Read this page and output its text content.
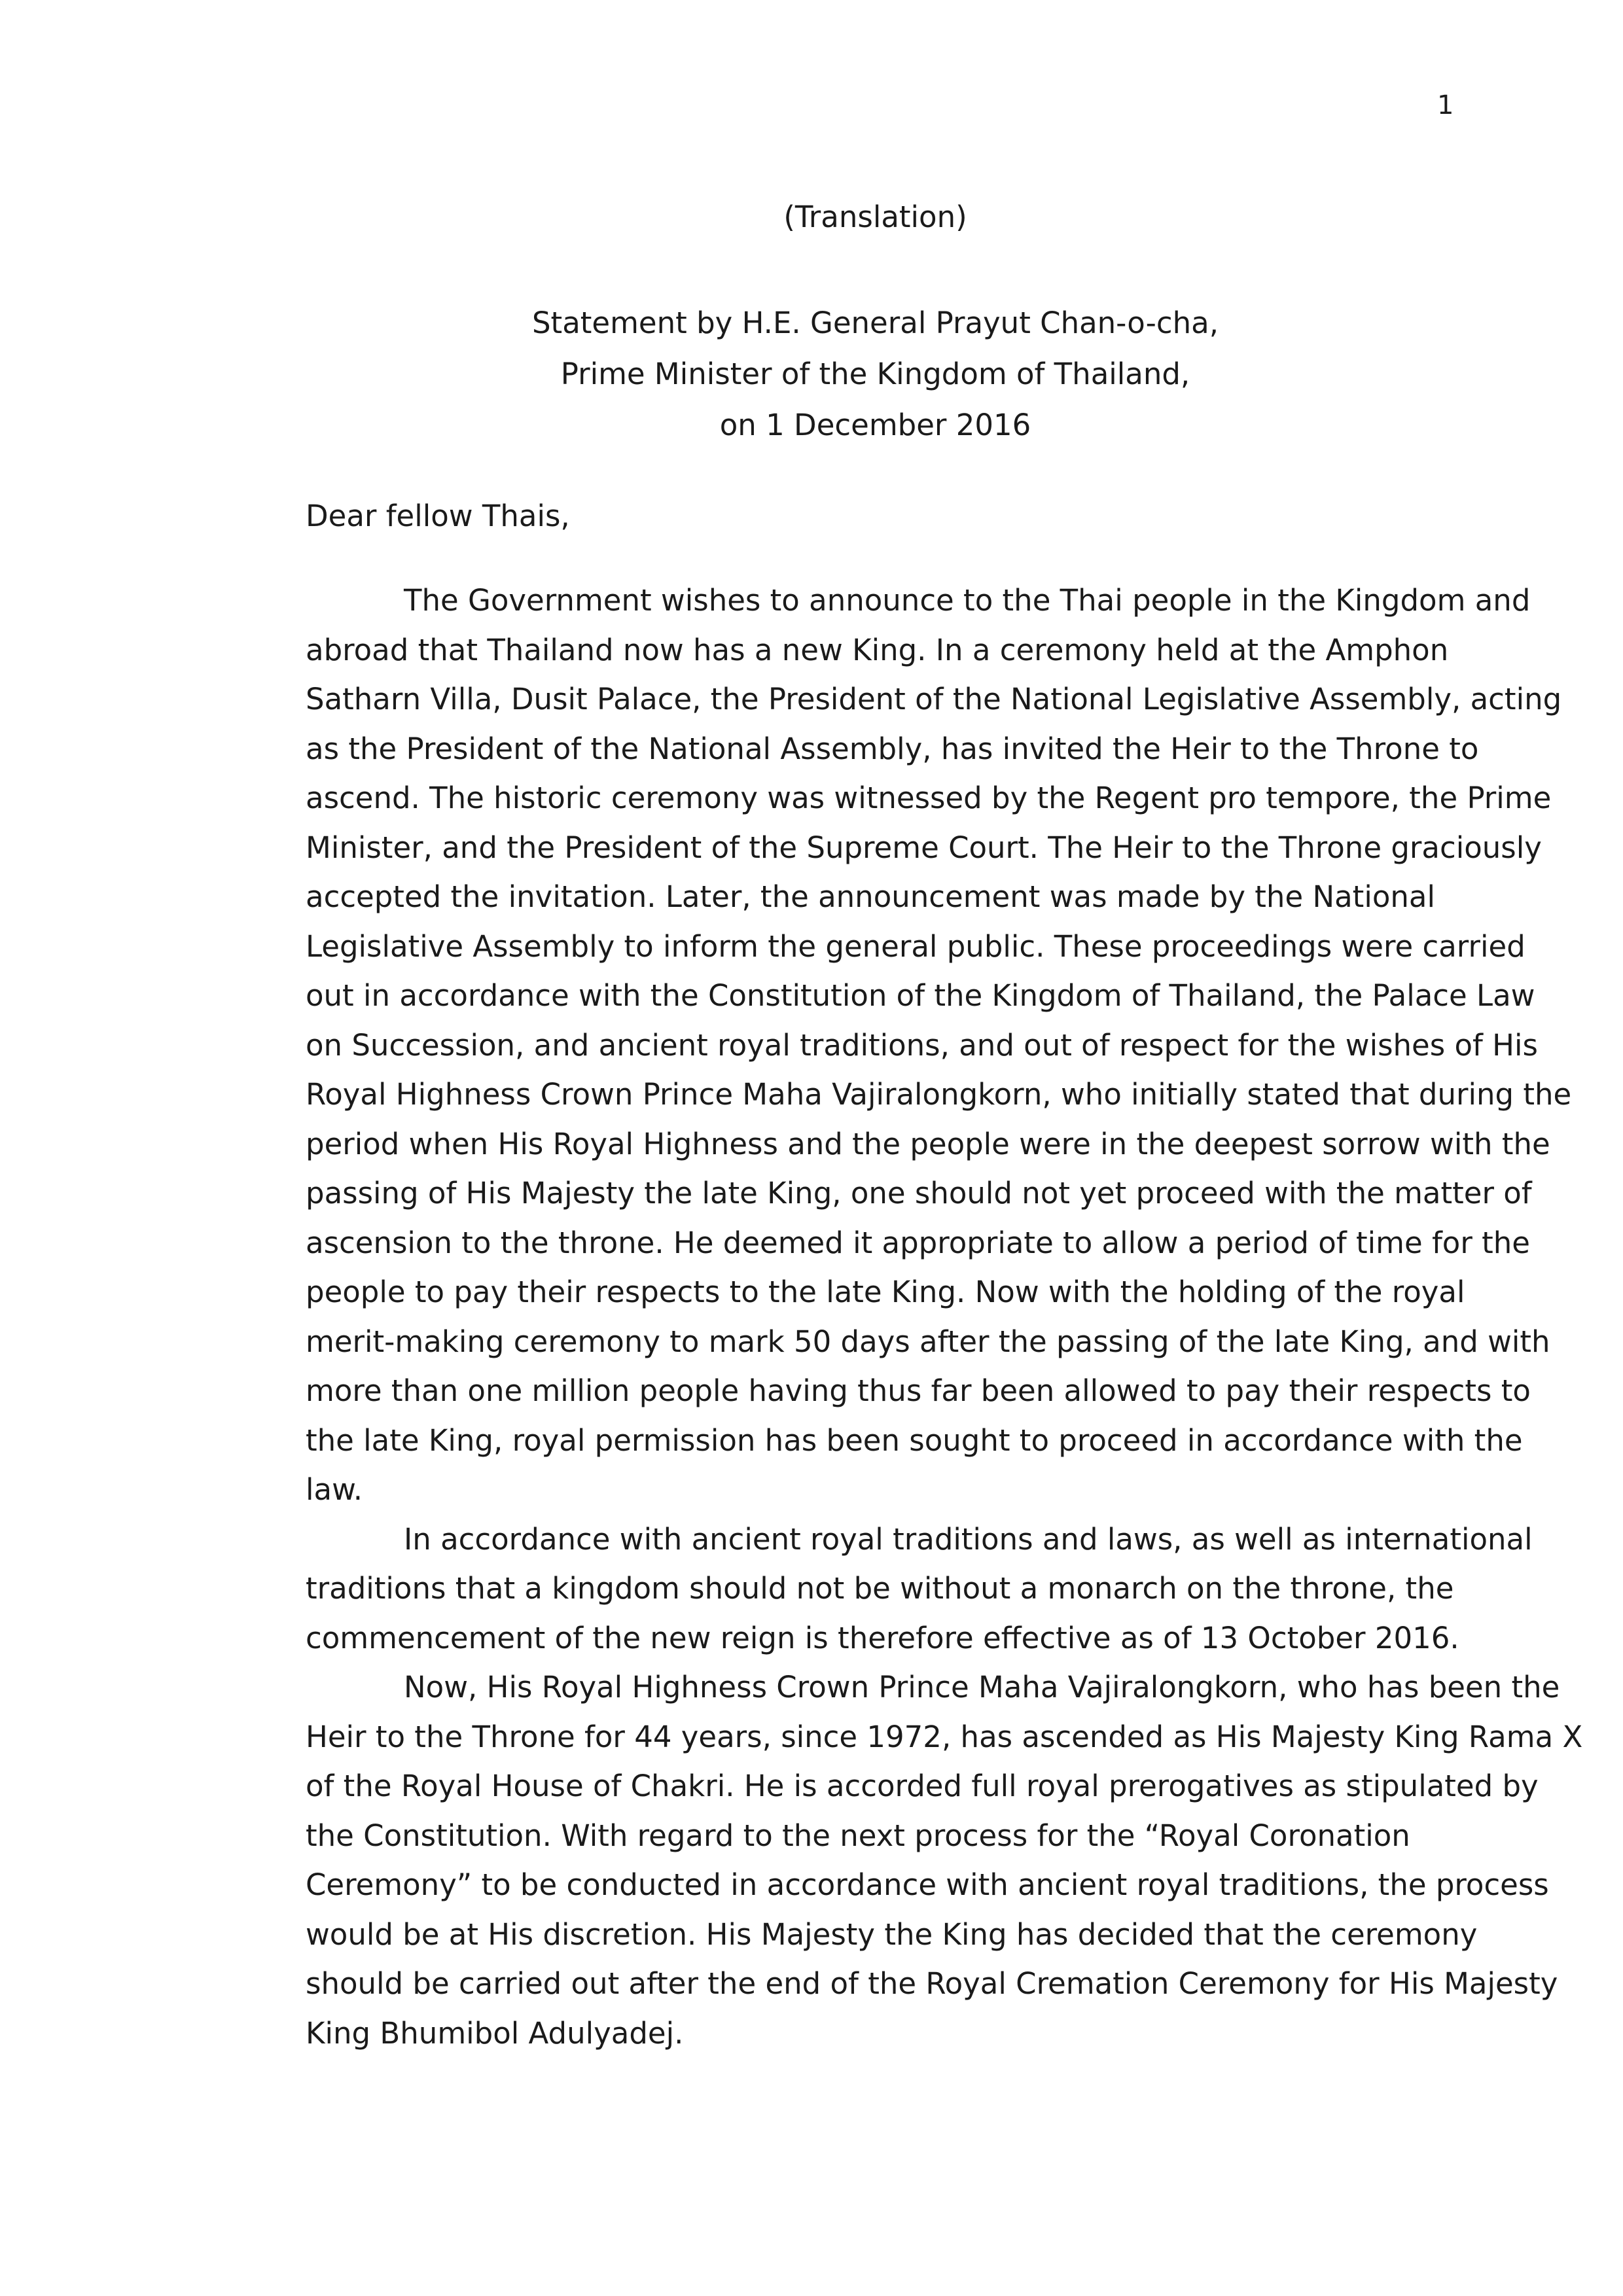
1
(Translation)
Statement by H.E. General Prayut Chan-o-cha,
Prime Minister of the Kingdom of Thailand,
on 1 December 2016
Dear fellow Thais,
The Government wishes to announce to the Thai people in the Kingdom and
abroad that Thailand now has a new King. In a ceremony held at the Amphon
Satharn Villa, Dusit Palace, the President of the National Legislative Assembly, acting
as the President of the National Assembly, has invited the Heir to the Throne to
ascend. The historic ceremony was witnessed by the Regent pro tempore, the Prime
Minister, and the President of the Supreme Court. The Heir to the Throne graciously
accepted the invitation. Later, the announcement was made by the National
Legislative Assembly to inform the general public. These proceedings were carried
out in accordance with the Constitution of the Kingdom of Thailand, the Palace Law
on Succession, and ancient royal traditions, and out of respect for the wishes of His
Royal Highness Crown Prince Maha Vajiralongkorn, who initially stated that during the
period when His Royal Highness and the people were in the deepest sorrow with the
passing of His Majesty the late King, one should not yet proceed with the matter of
ascension to the throne. He deemed it appropriate to allow a period of time for the
people to pay their respects to the late King. Now with the holding of the royal
merit-making ceremony to mark 50 days after the passing of the late King, and with
more than one million people having thus far been allowed to pay their respects to
the late King, royal permission has been sought to proceed in accordance with the
law.
In accordance with ancient royal traditions and laws, as well as international
traditions that a kingdom should not be without a monarch on the throne, the
commencement of the new reign is therefore effective as of 13 October 2016.
Now, His Royal Highness Crown Prince Maha Vajiralongkorn, who has been the
Heir to the Throne for 44 years, since 1972, has ascended as His Majesty King Rama X
of the Royal House of Chakri. He is accorded full royal prerogatives as stipulated by
the Constitution. With regard to the next process for the “Royal Coronation
Ceremony” to be conducted in accordance with ancient royal traditions, the process
would be at His discretion. His Majesty the King has decided that the ceremony
should be carried out after the end of the Royal Cremation Ceremony for His Majesty
King Bhumibol Adulyadej.
